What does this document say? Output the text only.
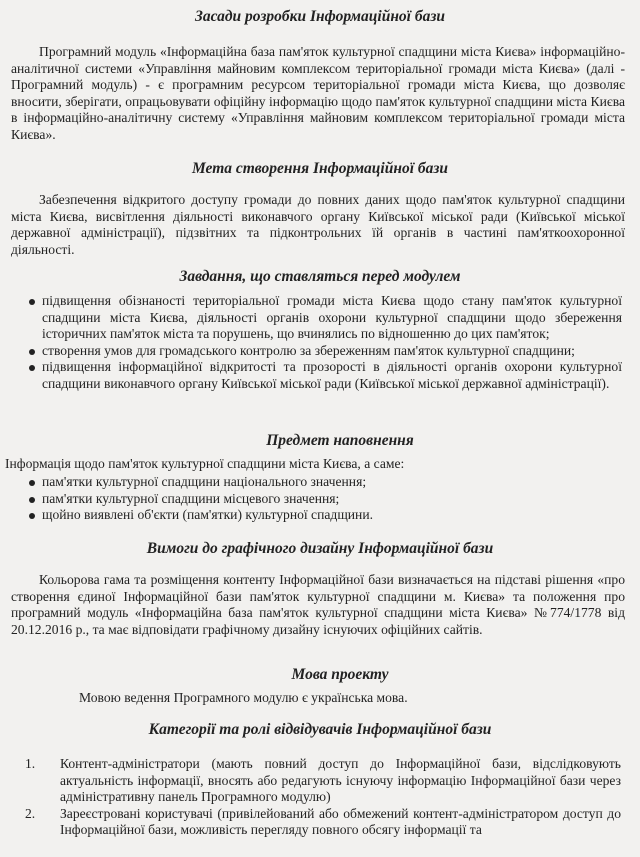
Засади розробки Інформаційної бази

Програмний модуль «Інформаційна база пам'яток культурної спадщини міста Києва» інформаційно-аналітичної системи «Управління майновим комплексом територіальної громади міста Києва» (далі - Програмний модуль) - є програмним ресурсом територіальної громади міста Києва, що дозволяє вносити, зберігати, опрацьовувати офіційну інформацію щодо пам'яток культурної спадщини міста Києва в інформаційно-аналітичну систему «Управління майновим комплексом територіальної громади міста Києва».

Мета створення Інформаційної бази

Забезпечення відкритого доступу громади до повних даних щодо пам'яток культурної спадщини міста Києва, висвітлення діяльності виконавчого органу Київської міської ради (Київської міської державної адміністрації), підзвітних та підконтрольних їй органів в частині пам'яткоохоронної діяльності.

Завдання, що ставляться перед модулем
підвищення обізнаності територіальної громади міста Києва щодо стану пам'яток культурної спадщини міста Києва, діяльності органів охорони культурної спадщини щодо збереження історичних пам'яток міста та порушень, що вчинялись по відношенню до цих пам'яток;
створення умов для громадського контролю за збереженням пам'яток культурної спадщини;
підвищення інформаційної відкритості та прозорості в діяльності органів охорони культурної спадщини виконавчого органу Київської міської ради (Київської міської державної адміністрації).
Предмет наповнення

Інформація щодо пам'яток культурної спадщини міста Києва, а саме:

пам'ятки культурної спадщини національного значення;
пам'ятки культурної спадщини місцевого значення;
щойно виявлені об'єкти (пам'ятки) культурної спадщини.
Вимоги до графічного дизайну Інформаційної бази

Кольорова гама та розміщення контенту Інформаційної бази визначається на підставі рішення «про створення єдиної Інформаційної бази пам'яток культурної спадщини м. Києва» та положення про програмний модуль «Інформаційна база пам'яток культурної спадщини міста Києва» №774/1778 від 20.12.2016 р., та має відповідати графічному дизайну існуючих офіційних сайтів.

Мова проекту

Мовою ведення Програмного модулю є українська мова.

Категорії та ролі відвідувачів Інформаційної бази
1. Контент-адміністратори (мають повний доступ до Інформаційної бази, відслідковують актуальність інформації, вносять або редагують існуючу інформацію Інформаційної бази через адміністративну панель Програмного модулю)
2. Зареєстровані користувачі (привілейований або обмежений контент-адміністратором доступ до Інформаційної бази, можливість перегляду повного обсягу інформації та
